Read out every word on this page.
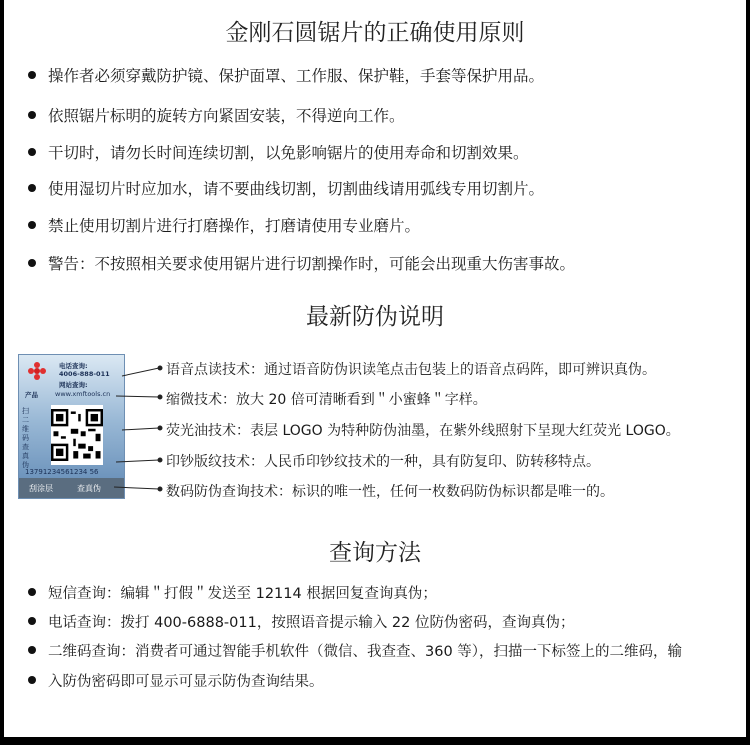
金刚石圆锯片的正确使用原则
操作者必须穿戴防护镜、保护面罩、工作服、保护鞋，手套等保护用品。
依照锯片标明的旋转方向紧固安装，不得逆向工作。
干切时，请勿长时间连续切割，以免影响锯片的使用寿命和切割效果。
使用湿切片时应加水，请不要曲线切割，切割曲线请用弧线专用切割片。
禁止使用切割片进行打磨操作，打磨请使用专业磨片。
警告：不按照相关要求使用锯片进行切割操作时，可能会出现重大伤害事故。
最新防伪说明
电话查询:
4006-888-011
网站查询:
产品	www.xmftools.cn
扫二维码查真伪
13791234561234 56
刮涂层	查真伪
语音点读技术：通过语音防伪识读笔点击包装上的语音点码阵，即可辨识真伪。
缩微技术：放大 20 倍可清晰看到＂小蜜蜂＂字样。
荧光油技术：表层 LOGO 为特种防伪油墨，在紫外线照射下呈现大红荧光 LOGO。
印钞版纹技术：人民币印钞纹技术的一种，具有防复印、防转移特点。
数码防伪查询技术：标识的唯一性，任何一枚数码防伪标识都是唯一的。
查询方法
短信查询：编辑＂打假＂发送至 12114 根据回复查询真伪；
电话查询：拨打 400-6888-011，按照语音提示输入 22 位防伪密码，查询真伪；
二维码查询：消费者可通过智能手机软件（微信、我查查、360 等），扫描一下标签上的二维码，输
入防伪密码即可显示可显示防伪查询结果。
